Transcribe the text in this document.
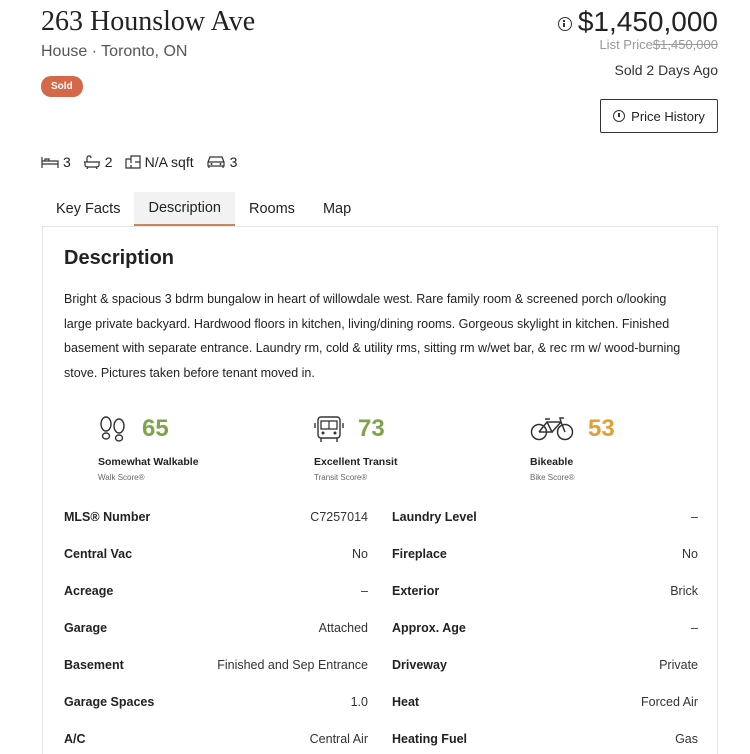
263 Hounslow Ave
House · Toronto, ON
Sold
$1,450,000
List Price$1,450,000
Sold 2 Days Ago
Price History
3 2 N/A sqft	3
Key Facts	Description	Rooms	Map
Description
Bright & spacious 3 bdrm bungalow in heart of willowdale west. Rare family room & screened porch o/looking large private backyard. Hardwood floors in kitchen, living/dining rooms. Gorgeous skylight in kitchen. Finished basement with separate entrance. Laundry rm, cold & utility rms, sitting rm w/wet bar, & rec rm w/ wood-burning stove. Pictures taken before tenant moved in.
65
Somewhat Walkable
Walk Score®
73
Excellent Transit
Transit Score®
53
Bikeable
Bike Score®
MLS® Number	C7257014 Laundry Level	–
Central Vac	No Fireplace	No
Acreage	– Exterior	Brick
Garage	Attached Approx. Age	–
Basement	Finished and Sep Entrance Driveway	Private
Garage Spaces	1.0 Heat	Forced Air
A/C	Central Air Heating Fuel	Gas
